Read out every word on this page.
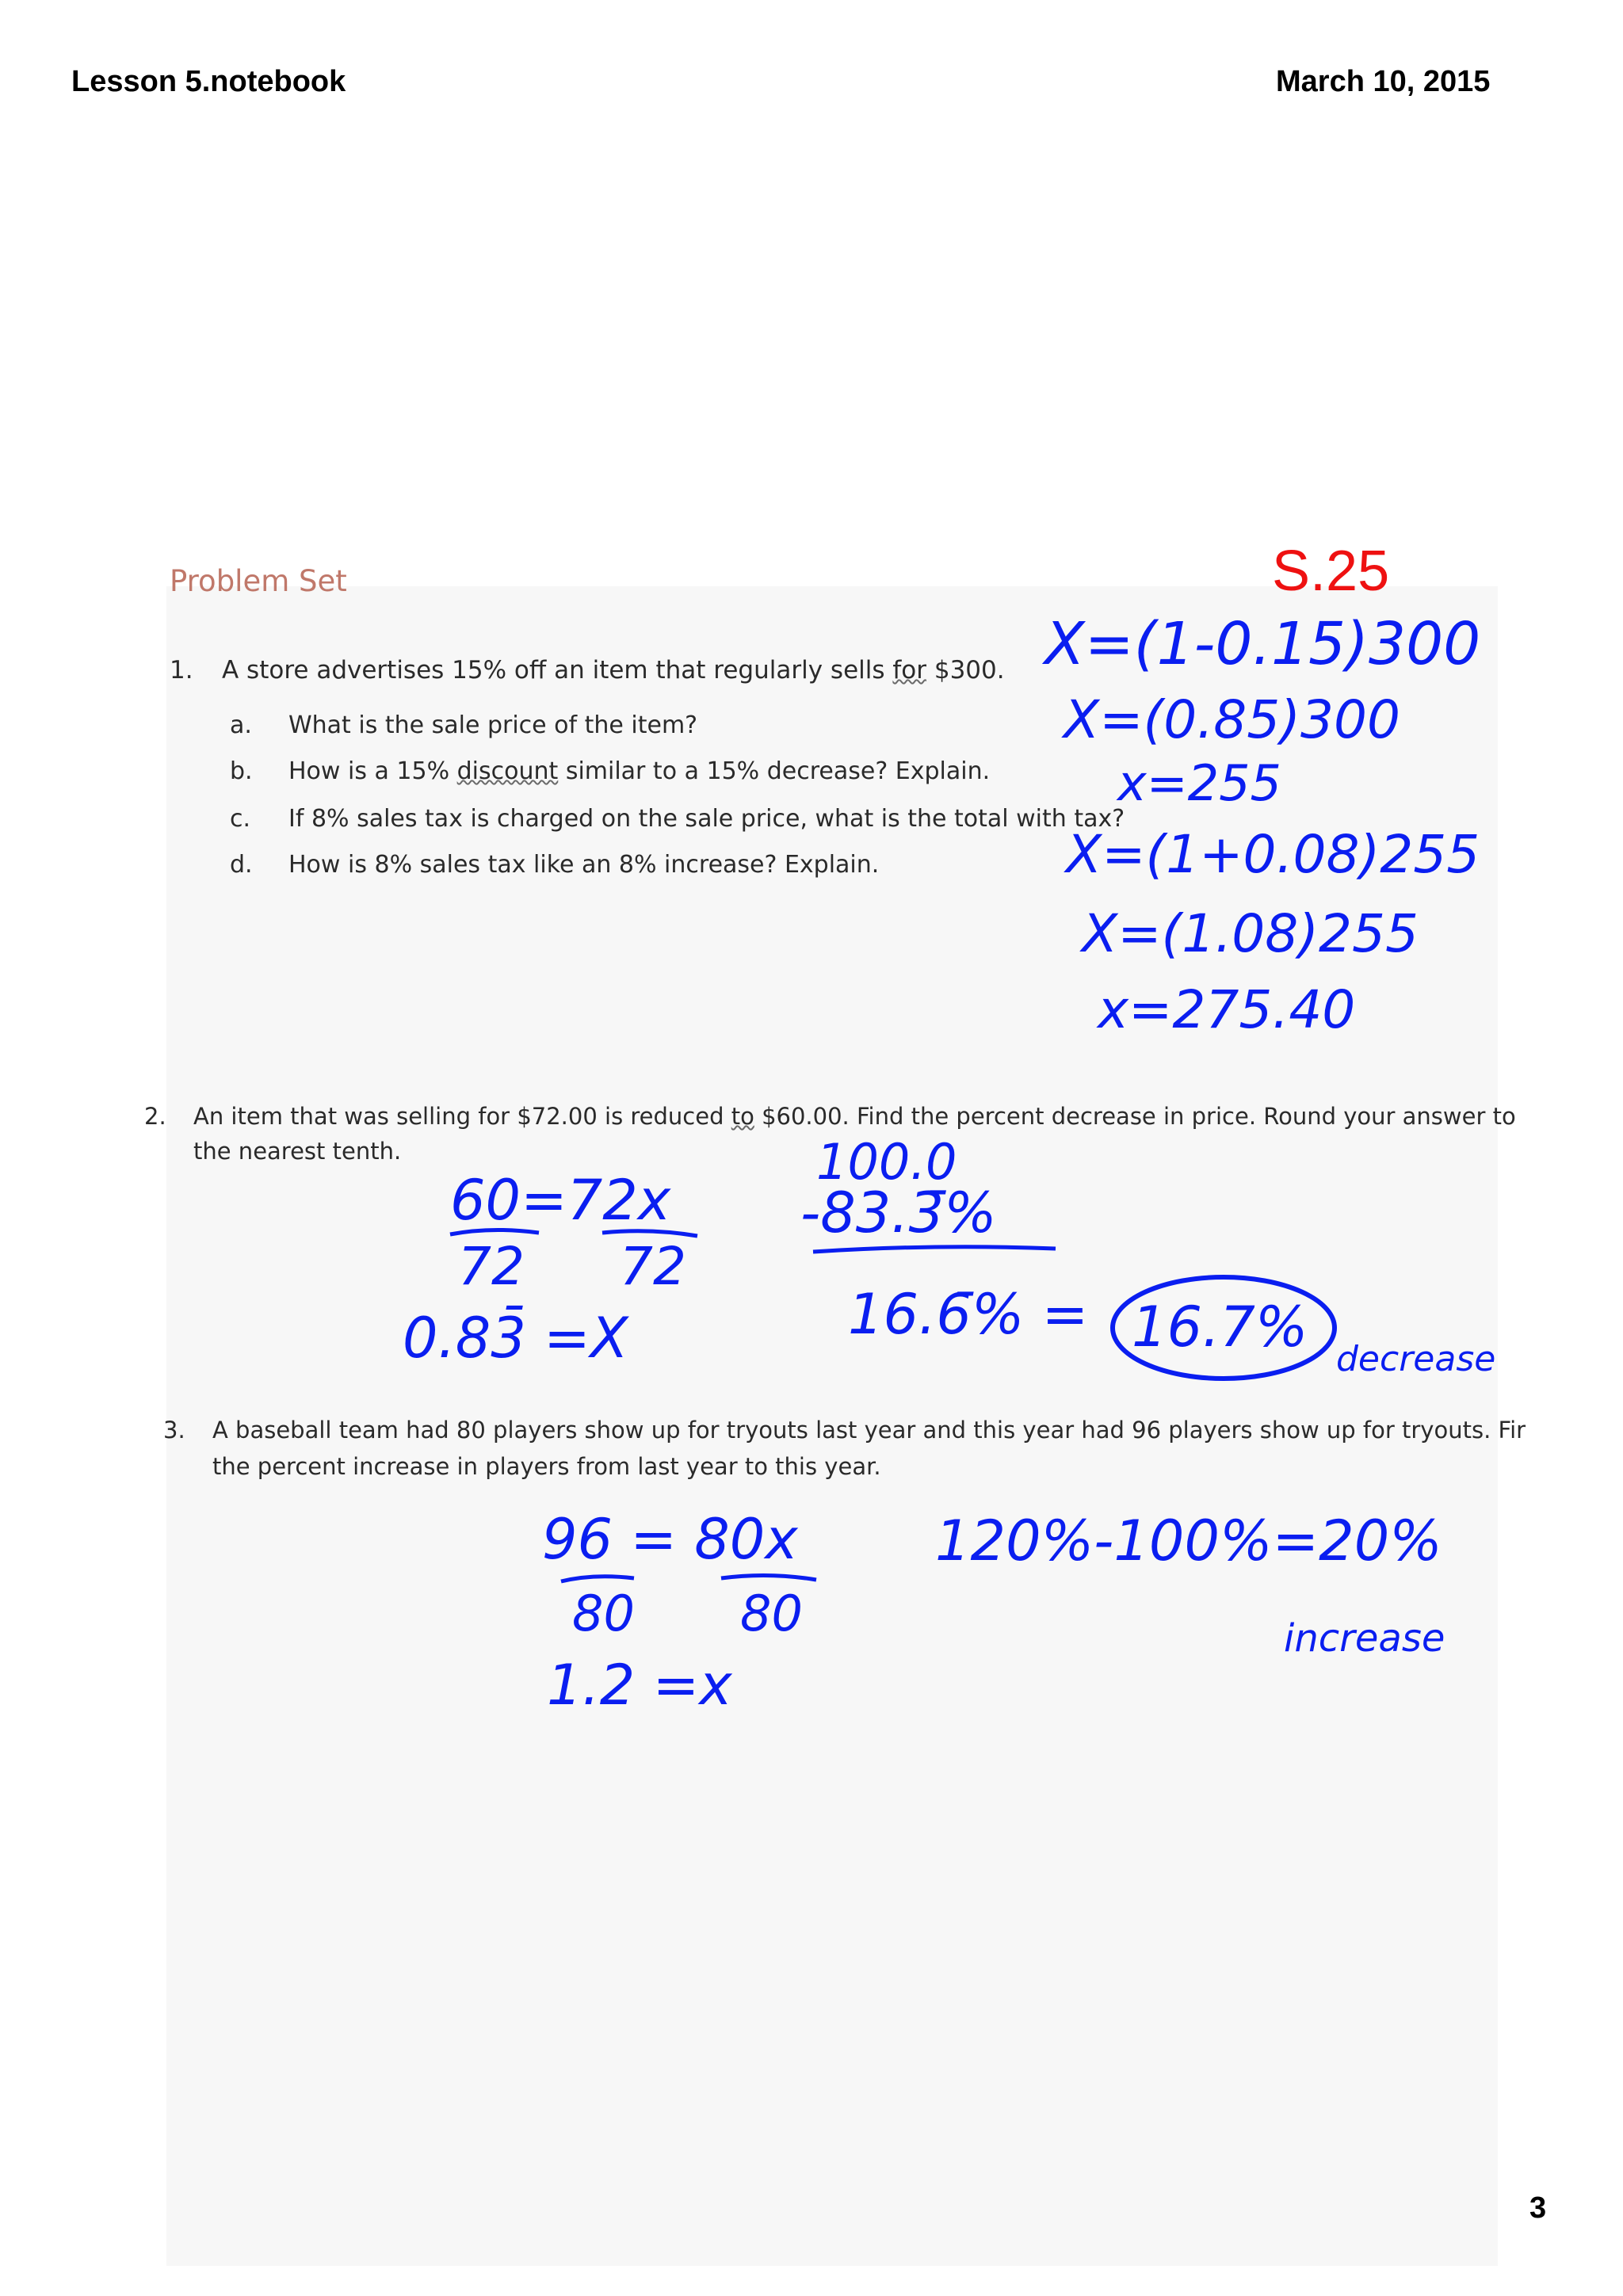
Lesson 5.notebook	March 10, 2015
Problem Set	S.25
1. A store advertises 15% off an item that regularly sells for $300.
a. What is the sale price of the item?
b. How is a 15% discount similar to a 15% decrease? Explain.
c. If 8% sales tax is charged on the sale price, what is the total with tax?
d. How is 8% sales tax like an 8% increase? Explain.
X=(1-0.15)300
X=(0.85)300
x=255
X=(1+0.08)255
X=(1.08)255
x=275.40
2. An item that was selling for $72.00 is reduced to $60.00. Find the percent decrease in price. Round your answer to
the nearest tenth.
60=72x
72 72
0.83̄ =X
100.0
-83.3̄%
16.6̄% = 16.7% decrease
3. A baseball team had 80 players show up for tryouts last year and this year had 96 players show up for tryouts. Fir
the percent increase in players from last year to this year.
96 = 80x
80 80
1.2 =x
120%-100%=20%
increase
3
